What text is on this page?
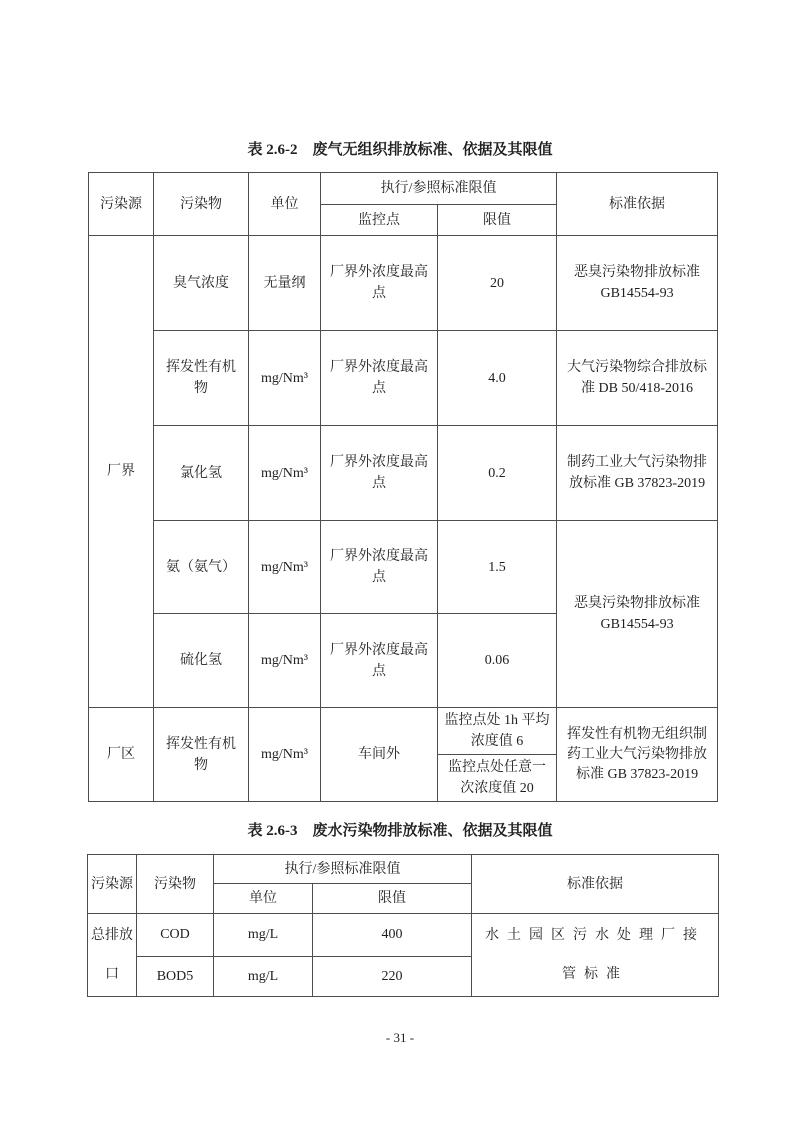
表 2.6-2　废气无组织排放标准、依据及其限值
污染源	污染物	单位	执行/参照标准限值		标准依据
			监控点	限值	
厂界	臭气浓度	无量纲	厂界外浓度最高点	20	恶臭污染物排放标准GB14554-93
	挥发性有机物	mg/Nm³	厂界外浓度最高点	4.0	大气污染物综合排放标准 DB 50/418-2016
	氯化氢	mg/Nm³	厂界外浓度最高点	0.2	制药工业大气污染物排放标准 GB 37823-2019
	氨（氨气）	mg/Nm³	厂界外浓度最高点	1.5	恶臭污染物排放标准GB14554-93
	硫化氢	mg/Nm³	厂界外浓度最高点	0.06	
厂区	挥发性有机物	mg/Nm³	车间外	监控点处 1h 平均浓度值 6	挥发性有机物无组织制药工业大气污染物排放标准 GB 37823-2019
				监控点处任意一次浓度值 20	
表 2.6-3　废水污染物排放标准、依据及其限值
污染源	污染物	执行/参照标准限值		标准依据
		单位	限值	
总排放口	COD	mg/L	400	水土园区污水处理厂接管标准
	BOD5	mg/L	220	
- 31 -
